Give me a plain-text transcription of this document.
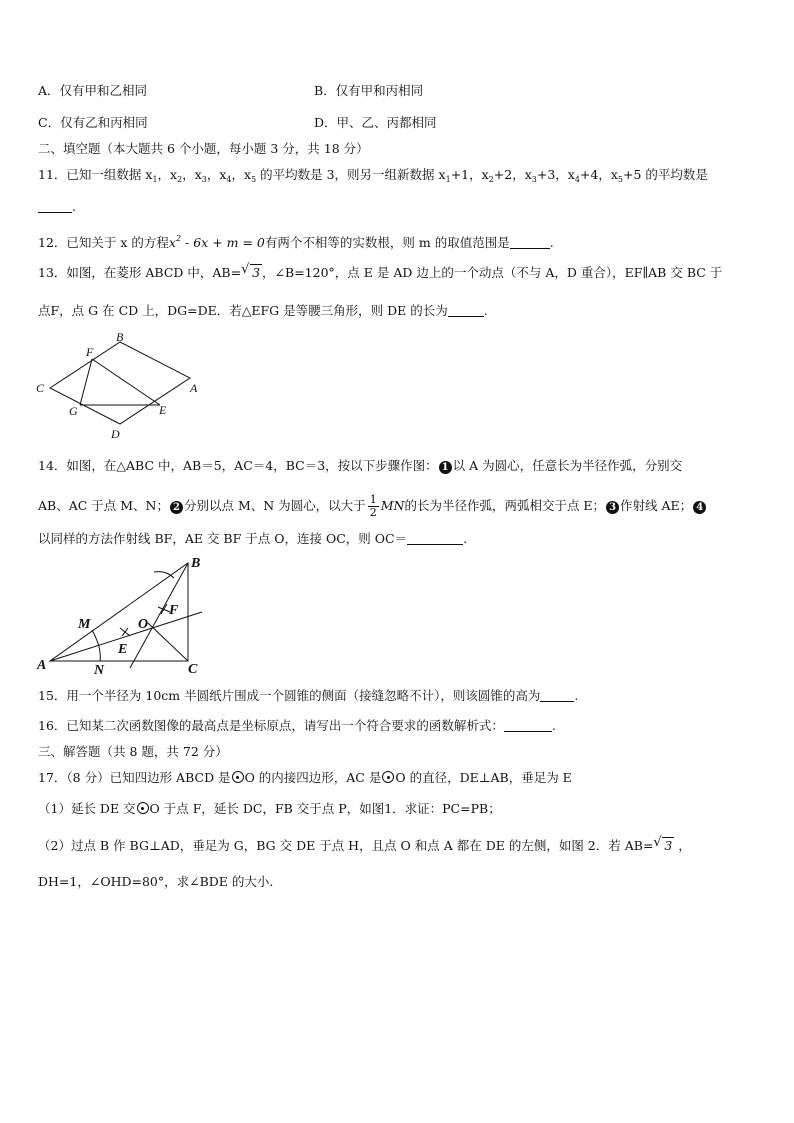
A．仅有甲和乙相同	B．仅有甲和丙相同
C．仅有乙和丙相同	D．甲、乙、丙都相同
二、填空题（本大题共 6 个小题，每小题 3 分，共 18 分）
11．已知一组数据 $x_1$，$x_2$，$x_3$，$x_4$，$x_5$ 的平均数是 3，则另一组新数据 $x_1+1$，$x_2+2$，$x_3+3$，$x_4+4$，$x_5+5$ 的平均数是
.
12．已知关于 x 的方程$x^2 - 6x + m = 0$有两个不相等的实数根，则 m 的取值范围是	.
13．如图，在菱形 ABCD 中，AB= √ 3 ，∠B=120°，点 E 是 AD 边上的一个动点（不与 A，D 重合），EF∥AB 交 BC 于
点F，点 G 在 CD 上，DG=DE．若△EFG 是等腰三角形，则 DE 的长为	.
B
F
C	A
G	E
D
14．如图，在△ABC 中，AB＝5，AC＝4，BC＝3，按以下步骤作图： 1 以 A 为圆心，任意长为半径作弧，分别交
AB、AC 于点 M、N； 2 分别以点 M、N 为圆心，以大于 $\frac{1}{2}$ MN的长为半径作弧，两弧相交于点 E； 3 作射线 AE； 4
以同样的方法作射线 BF，AE 交 BF 于点 O，连接 OC，则 OC＝	.
A
B
C
M
N
E
F
O
15．用一个半径为 10cm 半圆纸片围成一个圆锥的侧面（接缝忽略不计），则该圆锥的高为	.
16．已知某二次函数图像的最高点是坐标原点，请写出一个符合要求的函数解析式：	.
三、解答题（共 8 题，共 72 分）
17．（8 分）已知四边形 ABCD 是 O 的内接四边形，AC 是 O 的直径，DE⊥AB，垂足为 E
（1）延长 DE 交 O 于点 F，延长 DC，FB 交于点 P，如图1．求证：PC=PB；
（2）过点 B 作 BG⊥AD，垂足为 G，BG 交 DE 于点 H，且点 O 和点 A 都在 DE 的左侧，如图 2．若 AB= √ 3 ，
DH=1，∠OHD=80°，求∠BDE 的大小.
